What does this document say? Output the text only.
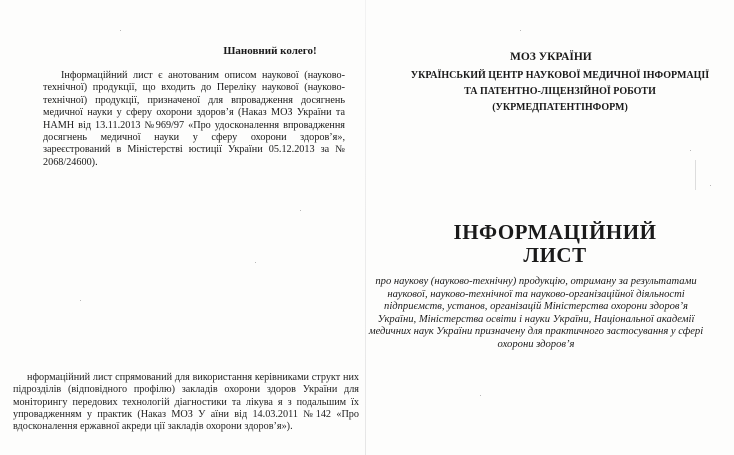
Шановний колего!
Інформаційний лист є анотованим описом наукової (науково-технічної) продукції, що входить до Переліку наукової (науково-технічної) продукції, призначеної для впровадження досягнень медичної науки у сферу охорони здоров’я (Наказ МОЗ України та НАМН від 13.11.2013 №969/97 «Про удосконалення впровадження досягнень медичної науки у сферу охорони здоров’я», зареєстрований в Міністерстві юстиції України 05.12.2013 за № 2068/24600).
нформаційний лист спрямований для використання керівниками структ них підрозділів (відповідного профілю) закладів охорони здоров України для моніторингу передових технологій діагностики та лікува я з подальшим їх упровадженням у практик (Наказ МОЗ У аїни від 14.03.2011 №142 «Про вдосконалення ержавної акреди ції закладів охорони здоров’я»).
МОЗ УКРАЇНИ
УКРАЇНСЬКИЙ ЦЕНТР НАУКОВОЇ МЕДИЧНОЇ ІНФОРМАЦІЇ
ТА ПАТЕНТНО-ЛІЦЕНЗІЙНОЇ РОБОТИ
(УКРМЕДПАТЕНТІНФОРМ)
ІНФОРМАЦІЙНИЙ
ЛИСТ
про наукову (науково-технічну) продукцію, отриману за результатами наукової, науково-технічної та науково-організаційної діяльності підприємств, установ, організацій Міністерства охорони здоров’я України, Міністерства освіти і науки України, Національної академії медичних наук України призначену для практичного застосування у сфері охорони здоров’я
